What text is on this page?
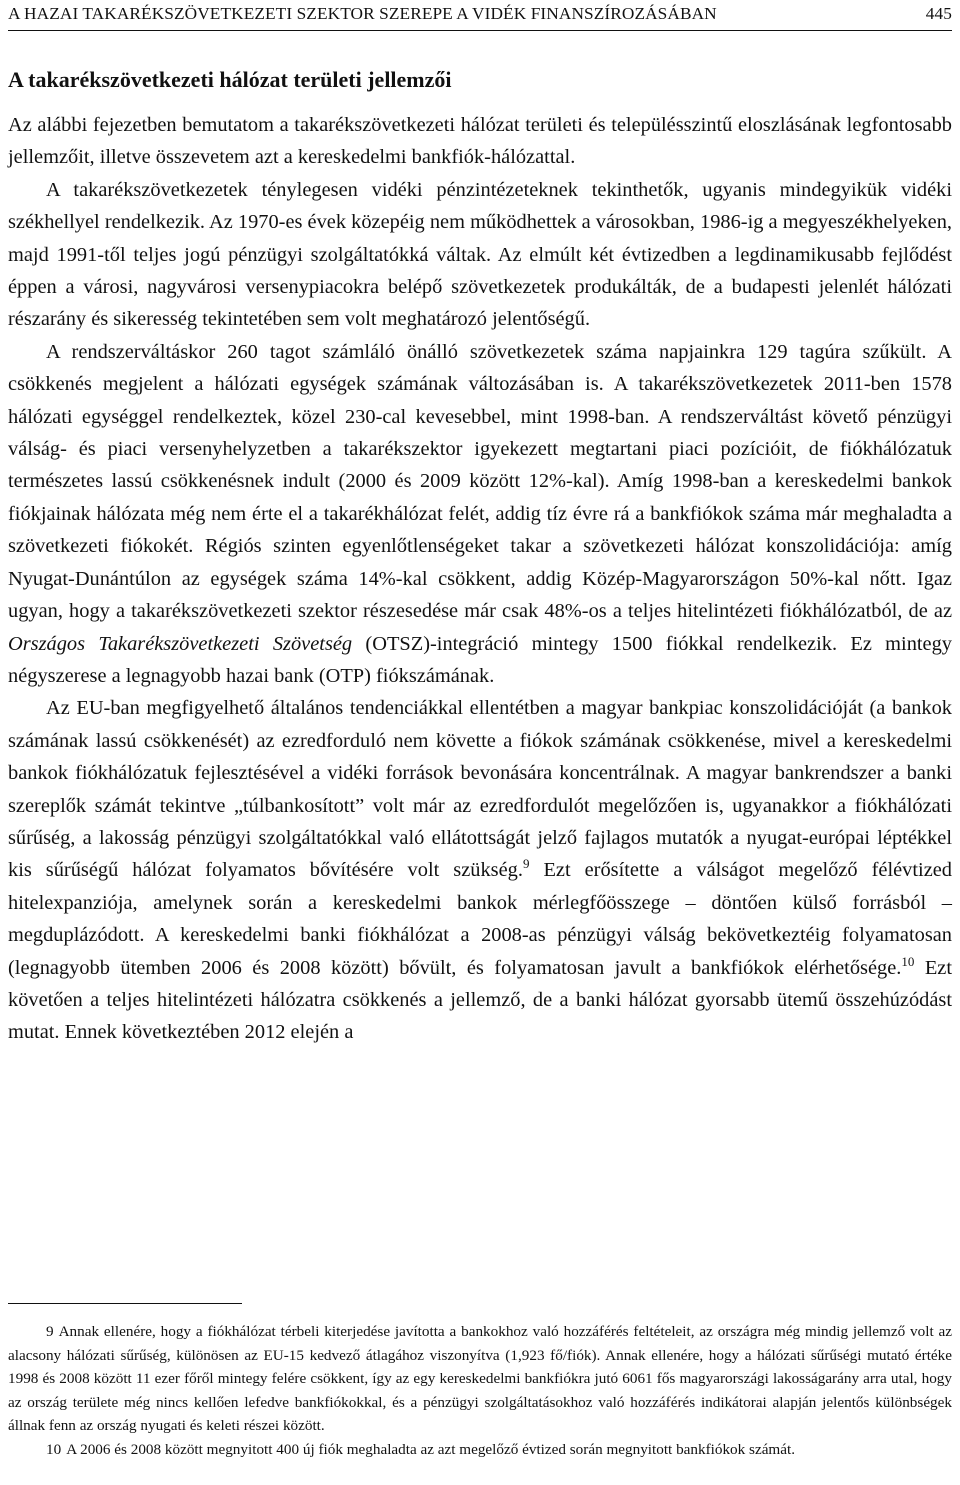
A HAZAI TAKARÉKSZÖVETKEZETI SZEKTOR SZEREPE A VIDÉK FINANSZÍROZÁSÁBAN	445
A takarékszövetkezeti hálózat területi jellemzői

Az alábbi fejezetben bemutatom a takarékszövetkezeti hálózat területi és településszintű eloszlásának legfontosabb jellemzőit, illetve összevetem azt a kereskedelmi bankfiók-hálózattal.

A takarékszövetkezetek ténylegesen vidéki pénzintézeteknek tekinthetők, ugyanis mindegyikük vidéki székhellyel rendelkezik. Az 1970-es évek közepéig nem működhettek a városokban, 1986-ig a megyeszékhelyeken, majd 1991-től teljes jogú pénzügyi szolgáltatókká váltak. Az elmúlt két évtizedben a legdinamikusabb fejlődést éppen a városi, nagyvárosi versenypiacokra belépő szövetkezetek produkálták, de a budapesti jelenlét hálózati részarány és sikeresség tekintetében sem volt meghatározó jelentőségű.

A rendszerváltáskor 260 tagot számláló önálló szövetkezetek száma napjainkra 129 tagúra szűkült. A csökkenés megjelent a hálózati egységek számának változásában is. A takarékszövetkezetek 2011-ben 1578 hálózati egységgel rendelkeztek, közel 230-cal kevesebbel, mint 1998-ban. A rendszerváltást követő pénzügyi válság- és piaci versenyhelyzetben a takarékszektor igyekezett megtartani piaci pozícióit, de fiókhálózatuk természetes lassú csökkenésnek indult (2000 és 2009 között 12%-kal). Amíg 1998-ban a kereskedelmi bankok fiókjainak hálózata még nem érte el a takarékhálózat felét, addig tíz évre rá a bankfiókok száma már meghaladta a szövetkezeti fiókokét. Régiós szinten egyenlőtlenségeket takar a szövetkezeti hálózat konszolidációja: amíg Nyugat-Dunántúlon az egységek száma 14%-kal csökkent, addig Közép-Magyarországon 50%-kal nőtt. Igaz ugyan, hogy a takarékszövetkezeti szektor részesedése már csak 48%-os a teljes hitelintézeti fiókhálózatból, de az Országos Takarékszövetkezeti Szövetség (OTSZ)-integráció mintegy 1500 fiókkal rendelkezik. Ez mintegy négyszerese a legnagyobb hazai bank (OTP) fiókszámának.

Az EU-ban megfigyelhető általános tendenciákkal ellentétben a magyar bankpiac konszolidációját (a bankok számának lassú csökkenését) az ezredforduló nem követte a fiókok számának csökkenése, mivel a kereskedelmi bankok fiókhálózatuk fejlesztésével a vidéki források bevonására koncentrálnak. A magyar bankrendszer a banki szereplők számát tekintve „túlbankosított” volt már az ezredfordulót megelőzően is, ugyanakkor a fiókhálózati sűrűség, a lakosság pénzügyi szolgáltatókkal való ellátottságát jelző fajlagos mutatók a nyugat-európai léptékkel kis sűrűségű hálózat folyamatos bővítésére volt szükség.$^9$ Ezt erősítette a válságot megelőző félévtized hitelexpanziója, amelynek során a kereskedelmi bankok mérlegfőösszege – döntően külső forrásból – megduplázódott. A kereskedelmi banki fiókhálózat a 2008-as pénzügyi válság bekövetkeztéig folyamatosan (legnagyobb ütemben 2006 és 2008 között) bővült, és folyamatosan javult a bankfiókok elérhetősége.$^{10}$ Ezt követően a teljes hitelintézeti hálózatra csökkenés a jellemző, de a banki hálózat gyorsabb ütemű összehúzódást mutat. Ennek következtében 2012 elején a

9 Annak ellenére, hogy a fiókhálózat térbeli kiterjedése javította a bankokhoz való hozzáférés feltételeit, az országra még mindig jellemző volt az alacsony hálózati sűrűség, különösen az EU-15 kedvező átlagához viszonyítva (1,923 fő/fiók). Annak ellenére, hogy a hálózati sűrűségi mutató értéke 1998 és 2008 között 11 ezer főről mintegy felére csökkent, így az egy kereskedelmi bankfiókra jutó 6061 fős magyarországi lakosságarány arra utal, hogy az ország területe még nincs kellően lefedve bankfiókokkal, és a pénzügyi szolgáltatásokhoz való hozzáférés indikátorai alapján jelentős különbségek állnak fenn az ország nyugati és keleti részei között.

10 A 2006 és 2008 között megnyitott 400 új fiók meghaladta az azt megelőző évtized során megnyitott bankfiókok számát.
